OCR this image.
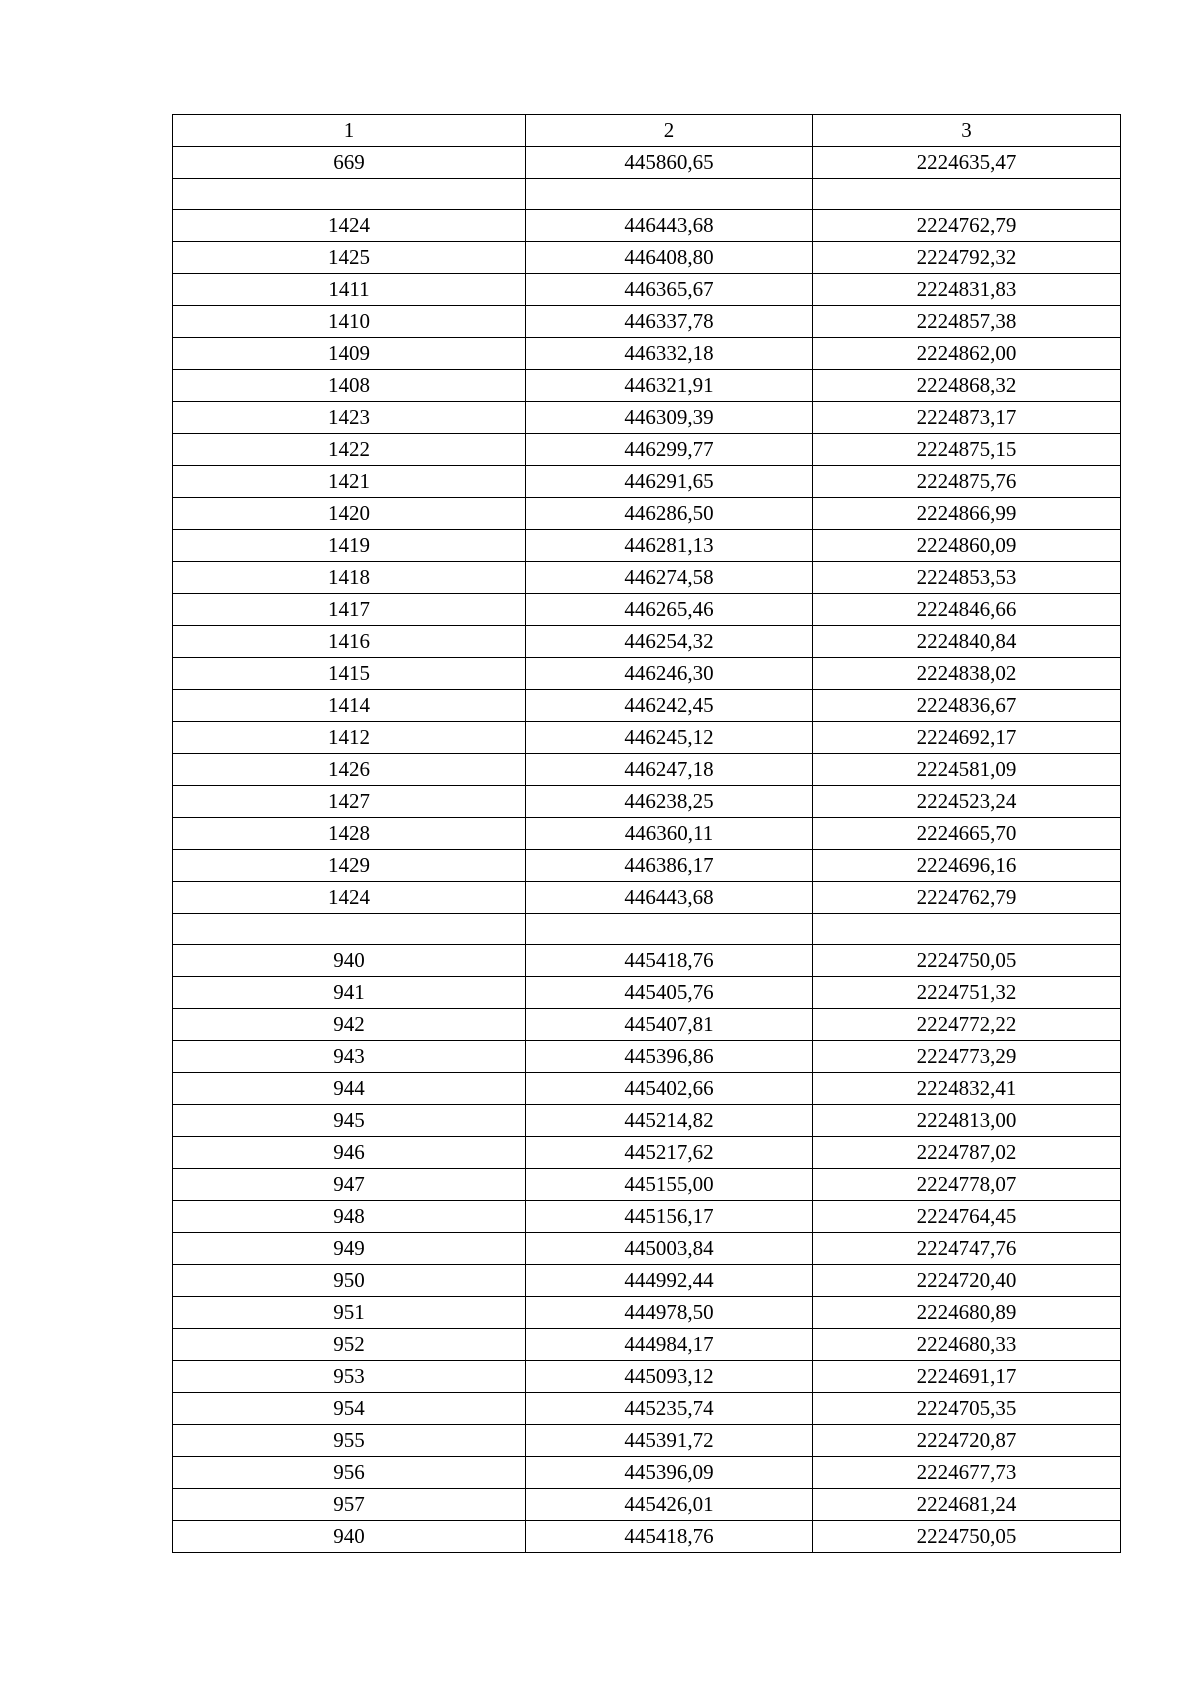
1	2	3
669	445860,65	2224635,47

1424	446443,68	2224762,79
1425	446408,80	2224792,32
1411	446365,67	2224831,83
1410	446337,78	2224857,38
1409	446332,18	2224862,00
1408	446321,91	2224868,32
1423	446309,39	2224873,17
1422	446299,77	2224875,15
1421	446291,65	2224875,76
1420	446286,50	2224866,99
1419	446281,13	2224860,09
1418	446274,58	2224853,53
1417	446265,46	2224846,66
1416	446254,32	2224840,84
1415	446246,30	2224838,02
1414	446242,45	2224836,67
1412	446245,12	2224692,17
1426	446247,18	2224581,09
1427	446238,25	2224523,24
1428	446360,11	2224665,70
1429	446386,17	2224696,16
1424	446443,68	2224762,79

940	445418,76	2224750,05
941	445405,76	2224751,32
942	445407,81	2224772,22
943	445396,86	2224773,29
944	445402,66	2224832,41
945	445214,82	2224813,00
946	445217,62	2224787,02
947	445155,00	2224778,07
948	445156,17	2224764,45
949	445003,84	2224747,76
950	444992,44	2224720,40
951	444978,50	2224680,89
952	444984,17	2224680,33
953	445093,12	2224691,17
954	445235,74	2224705,35
955	445391,72	2224720,87
956	445396,09	2224677,73
957	445426,01	2224681,24
940	445418,76	2224750,05
